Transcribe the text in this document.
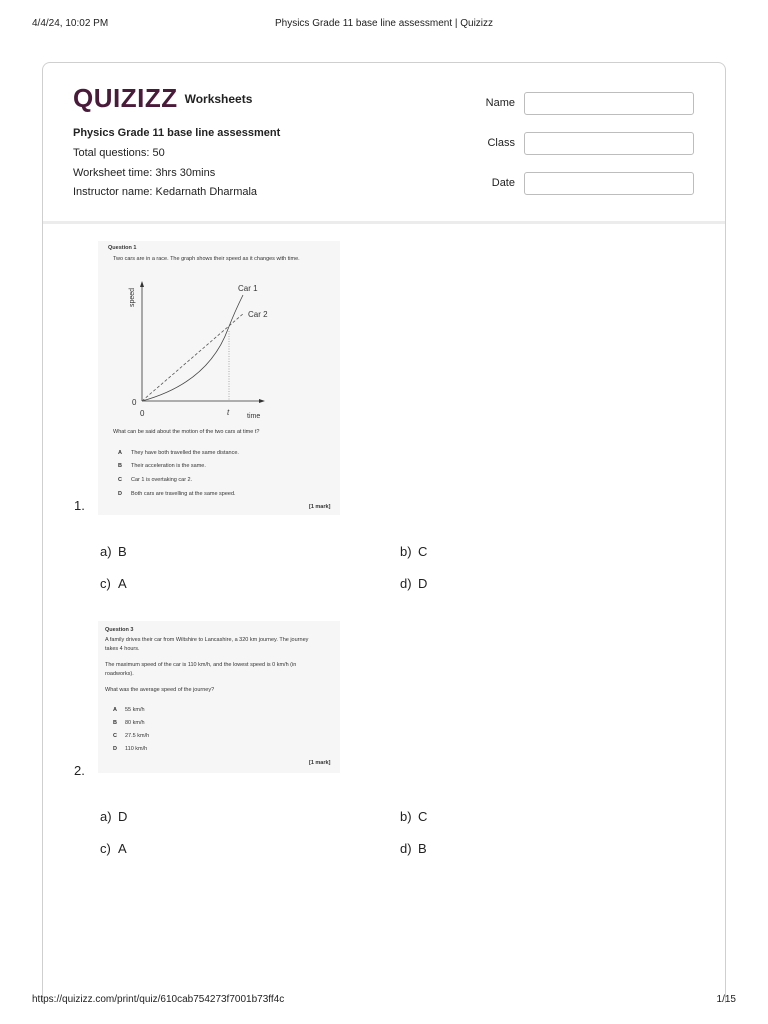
4/4/24, 10:02 PM	Physics Grade 11 base line assessment | Quizizz
QUIZIZZ Worksheets
Physics Grade 11 base line assessment
Total questions: 50
Worksheet time: 3hrs 30mins
Instructor name: Kedarnath Dharmala
Name
Class
Date
Question 1
Two cars are in a race. The graph shows their speed as it changes with time.
speed
0
0	t	time
Car 1
Car 2
What can be said about the motion of the two cars at time t?
A They have both travelled the same distance.
B Their acceleration is the same.
C Car 1 is overtaking car 2.
D Both cars are travelling at the same speed.
[1 mark]
1.
a) B	b) C
c) A	d) D
Question 3
A family drives their car from Wiltshire to Lancashire, a 320 km journey. The journey
takes 4 hours.
The maximum speed of the car is 110 km/h, and the lowest speed is 0 km/h (in
roadworks).
What was the average speed of the journey?
A 55 km/h
B 80 km/h
C 27.5 km/h
D 110 km/h
[1 mark]
2.
a) D	b) C
c) A	d) B
https://quizizz.com/print/quiz/610cab754273f7001b73ff4c	1/15
